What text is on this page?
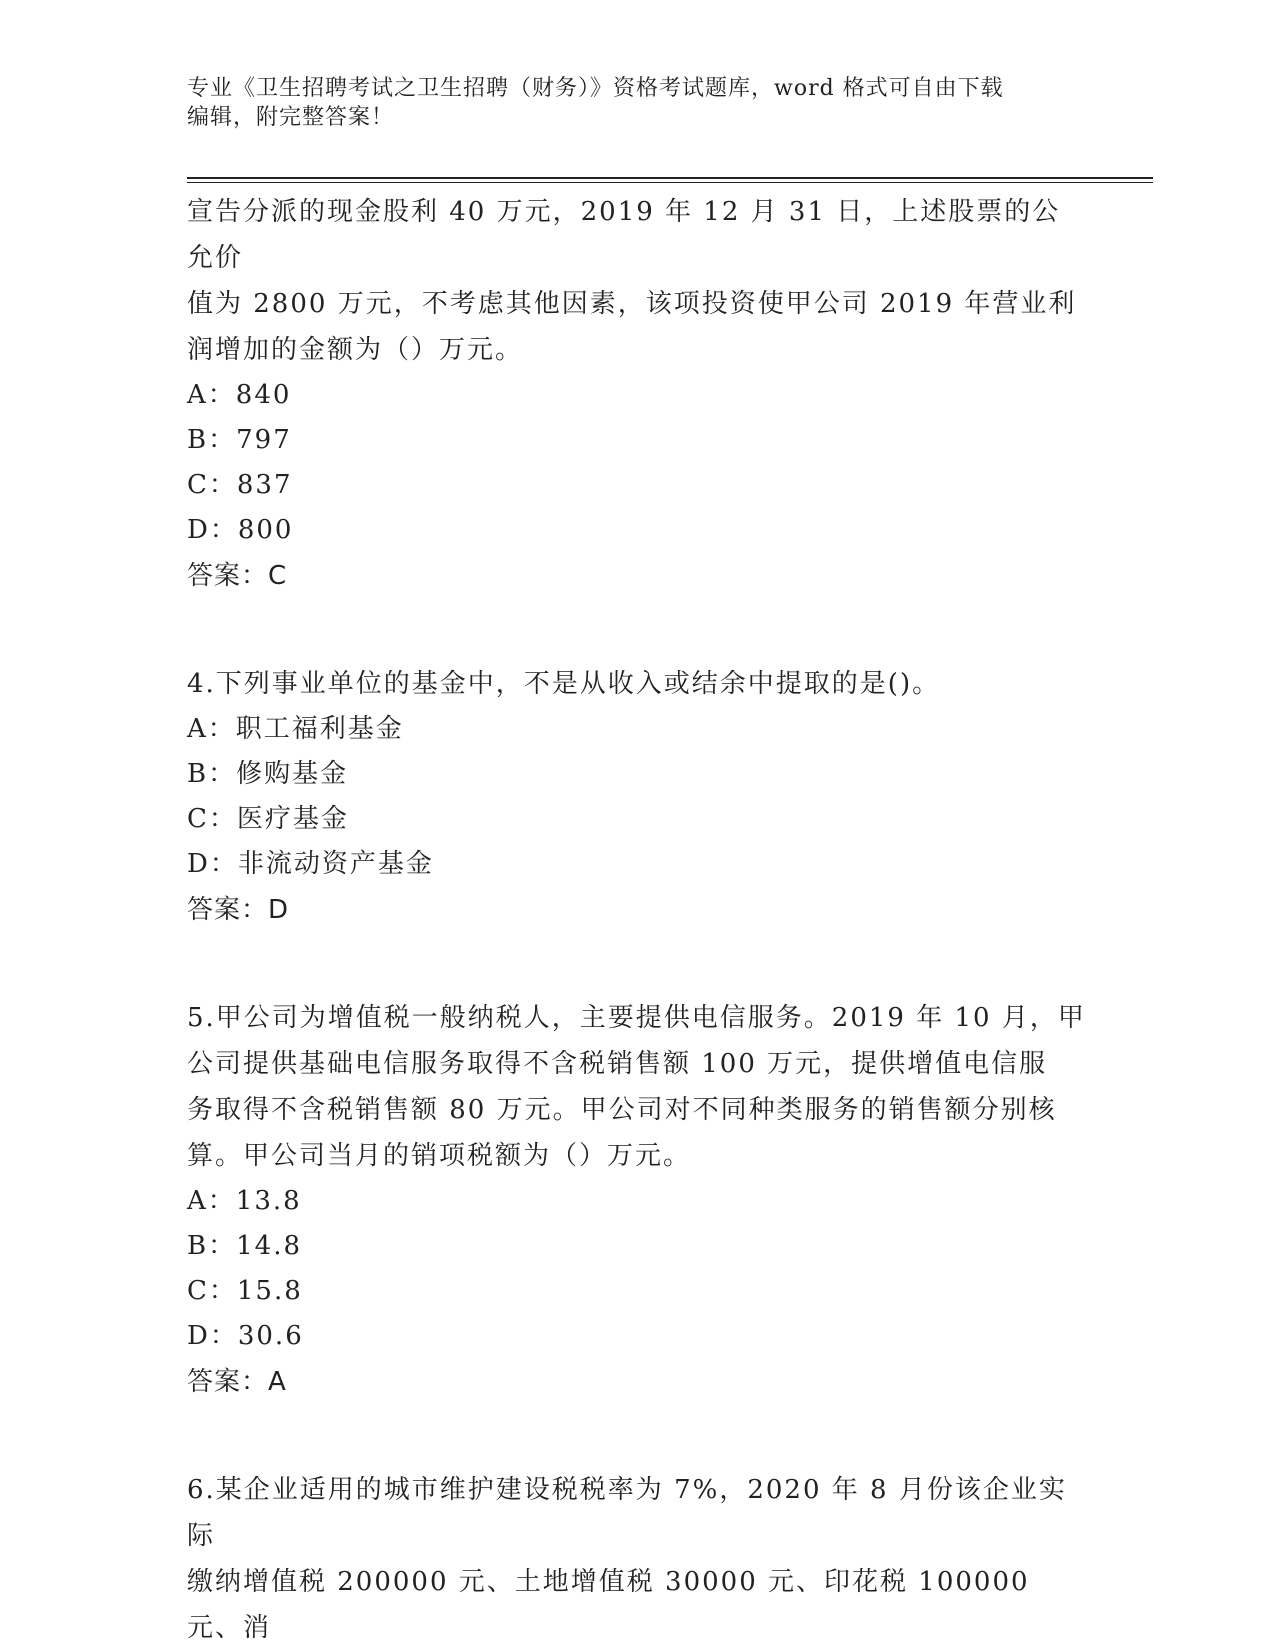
专业《卫生招聘考试之卫生招聘（财务）》资格考试题库，word 格式可自由下载
编辑，附完整答案！

宣告分派的现金股利 40 万元，2019 年 12 月 31 日，上述股票的公允价

值为 2800 万元，不考虑其他因素，该项投资使甲公司 2019 年营业利

润增加的金额为（）万元。

A：840

B：797

C：837

D：800

答案：C

4.下列事业单位的基金中，不是从收入或结余中提取的是()。

A：职工福利基金

B：修购基金

C：医疗基金

D：非流动资产基金

答案：D

5.甲公司为增值税一般纳税人，主要提供电信服务。2019 年 10 月，甲

公司提供基础电信服务取得不含税销售额 100 万元，提供增值电信服

务取得不含税销售额 80 万元。甲公司对不同种类服务的销售额分别核

算。甲公司当月的销项税额为（）万元。

A：13.8

B：14.8

C：15.8

D：30.6

答案：A

6.某企业适用的城市维护建设税税率为 7%，2020 年 8 月份该企业实际

缴纳增值税 200000 元、土地增值税 30000 元、印花税 100000 元、消
